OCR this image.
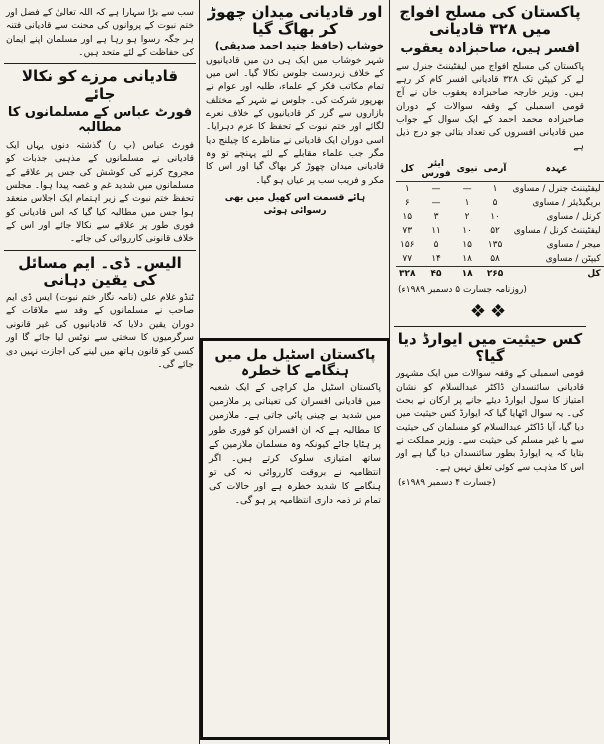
پاکستان کی مسلح افواج میں ۳۲۸ قادیانی
افسر ہیں، صاحبزادہ یعقوب
پاکستان کی مسلح افواج میں لیفٹیننٹ جنرل سے لے کر کیپٹن تک ۳۲۸ قادیانی افسر کام کر رہے ہیں۔ وزیر خارجہ صاحبزادہ یعقوب خان نے آج قومی اسمبلی کے وقفہ سوالات کے دوران صاحبزادہ محمد احمد کے ایک سوال کے جواب میں قادیانی افسروں کی تعداد بتائی جو درج ذیل ہے
عہدہ	آرمی	نیوی	ایئر فورس	کل
لیفٹیننٹ جنرل / مساوی	۱	—	—	۱
بریگیڈیئر / مساوی	۵	۱	—	۶
کرنل / مساوی	۱۰	۲	۳	۱۵
لیفٹیننٹ کرنل / مساوی	۵۲	۱۰	۱۱	۷۳
میجر / مساوی	۱۳۵	۱۵	۵	۱۵۶
کیپٹن / مساوی	۵۸	۱۸	۱۴	۷۷
کل	۲۶۵	۱۸	۴۵	۳۲۸
(روزنامہ جسارت ۵ دسمبر ۱۹۸۹ء)
❖❖
کس حیثیت میں ایوارڈ دیا گیا؟
قومی اسمبلی کے وقفہ سوالات میں ایک مشہور قادیانی سائنسدان ڈاکٹر عبدالسلام کو نشان امتیاز کا سول ایوارڈ دیئے جانے پر ارکان نے بحث کی۔ یہ سوال اٹھایا گیا کہ ایوارڈ کس حیثیت میں دیا گیا، آیا ڈاکٹر عبدالسلام کو مسلمان کی حیثیت سے یا غیر مسلم کی حیثیت سے۔ وزیر مملکت نے بتایا کہ یہ ایوارڈ بطور سائنسدان دیا گیا ہے اور اس کا مذہب سے کوئی تعلق نہیں ہے۔
(جسارت ۴ دسمبر ۱۹۸۹ء)
اور قادیانی میدان چھوڑ کر بھاگ گیا
خوشاب (حافظ جنید احمد صدیقی)
شہر خوشاب میں ایک ہی دن میں قادیانیوں کے خلاف زبردست جلوس نکالا گیا۔ اس میں تمام مکاتب فکر کے علماء، طلبہ اور عوام نے بھرپور شرکت کی۔ جلوس نے شہر کے مختلف بازاروں سے گزر کر قادیانیوں کے خلاف نعرے لگائے اور ختم نبوت کے تحفظ کا عزم دہرایا۔ اسی دوران ایک قادیانی نے مناظرے کا چیلنج دیا مگر جب علماء مقابلے کے لئے پہنچے تو وہ قادیانی میدان چھوڑ کر بھاگ گیا اور اس کا مکر و فریب سب پر عیاں ہو گیا۔
ہائے قسمت اس کھیل میں بھی رسوائی ہوئی
پاکستان اسٹیل مل میں ہنگامے کا خطرہ
پاکستان اسٹیل مل کراچی کے ایک شعبہ میں قادیانی افسران کی تعیناتی پر ملازمین میں شدید بے چینی پائی جاتی ہے۔ ملازمین کا مطالبہ ہے کہ ان افسران کو فوری طور پر ہٹایا جائے کیونکہ وہ مسلمان ملازمین کے ساتھ امتیازی سلوک کرتے ہیں۔ اگر انتظامیہ نے بروقت کارروائی نہ کی تو ہنگامے کا شدید خطرہ ہے اور حالات کی تمام تر ذمہ داری انتظامیہ پر ہو گی۔
سب سے بڑا سہارا ہے کہ اللہ تعالیٰ کے فضل اور ختم نبوت کے پروانوں کی محنت سے قادیانی فتنہ ہر جگہ رسوا ہو رہا ہے اور مسلمان اپنے ایمان کی حفاظت کے لئے متحد ہیں۔
قادیانی مرزے کو نکالا جائے
فورٹ عباس کے مسلمانوں کا مطالبہ
فورٹ عباس (پ ر) گذشتہ دنوں یہاں ایک قادیانی نے مسلمانوں کے مذہبی جذبات کو مجروح کرنے کی کوشش کی جس پر علاقے کے مسلمانوں میں شدید غم و غصہ پیدا ہوا۔ مجلس تحفظ ختم نبوت کے زیر اہتمام ایک اجلاس منعقد ہوا جس میں مطالبہ کیا گیا کہ اس قادیانی کو فوری طور پر علاقے سے نکالا جائے اور اس کے خلاف قانونی کارروائی کی جائے۔
الیس۔ ڈی۔ ایم مسائل کی یقین دہانی
ٹنڈو غلام علی (نامہ نگار ختم نبوت) ایس ڈی ایم صاحب نے مسلمانوں کے وفد سے ملاقات کے دوران یقین دلایا کہ قادیانیوں کی غیر قانونی سرگرمیوں کا سختی سے نوٹس لیا جائے گا اور کسی کو قانون ہاتھ میں لینے کی اجازت نہیں دی جائے گی۔
